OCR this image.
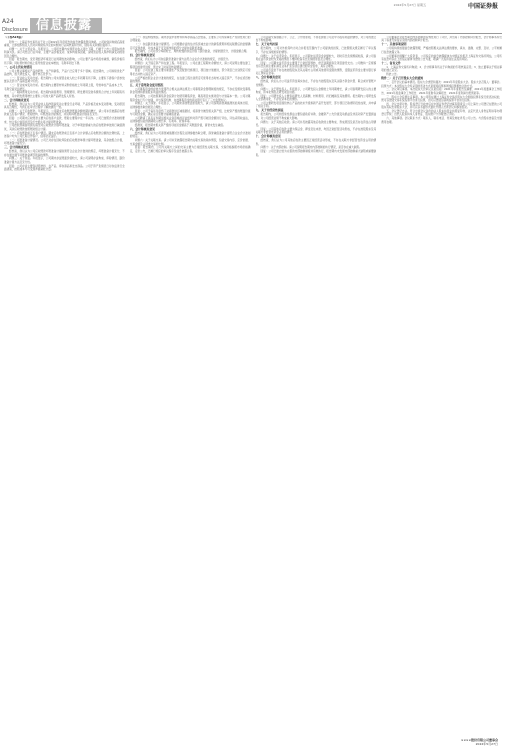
2022年5月27日 星期五	中国证券报
A24
Disclosure 信息披露
（下转A23版）
附件一：上海证券交易所关于对公司2021年年度报告的信息披露监管问询函。公司收到问询函后高度重视，立即组织相关人员对问询函所涉及的问题进行认真核查和分析，现将有关问题回复如下。
问题一：关于主营业务。年报显示，公司报告期内实现营业收入同比下降，归属于上市公司股东的净利润为负。请公司结合行业环境、主要产品价格变动、成本构成等因素，说明营业收入和净利润变动的原因及合理性。
回复：报告期内，受宏观经济环境及行业周期性波动影响，公司主要产品市场需求减弱，销售价格有所下降；同时原材料价格上涨导致营业成本增加，毛利率同比下滑。
一、公司主营业务情况
公司主要从事相关产品的研发、生产和销售，产品广泛应用于多个领域。报告期内，公司持续优化产品结构，加大研发投入，提升核心竞争力。
（一）营业收入变动分析。报告期内公司实现营业收入较上年同期有所下降，主要系下游客户需求放缓以及部分产品销量减少所致。
（二）营业成本变动分析。报告期内主要原材料采购价格较上年同期上涨，导致单位产品成本上升，毛利空间受到挤压。
（三）期间费用变动分析。报告期内销售费用、管理费用、研发费用及财务费用合计较上年同期有所增加，其中研发费用增长主要系公司加大新产品研发投入所致。
二、会计师核查意见
经核查，我们认为公司营业收入和净利润变动主要受行业环境、产品价格及成本变动影响，变动原因具有合理性，与我们在审计过程中了解的情况一致。
问题二：关于应收账款。年报显示，公司期末应收账款账面余额较期初增长，请公司补充披露应收账款前五名客户情况、账龄结构、坏账准备计提情况，并说明坏账准备计提是否充分。
回复：公司期末应收账款主要为应收客户货款，账龄主要集中在一年以内。公司已按照会计准则的要求，结合客户信用状况及历史损失率计提坏账准备。
公司按照预期信用损失模型对应收账款计提坏账准备，对于单项金额重大的应收账款单独进行减值测试，其余应收账款按照账龄组合计提。
（一）应收账款前五名客户情况。期末应收账款前五名客户合计余额占应收账款总额的比例较高，上述客户均为公司长期合作客户，信用状况良好。
（二）坏账准备计提情况。公司已对存在回收风险的应收账款单项计提坏账准备，其余按组合计提，坏账准备计提充分。
三、会计师核查意见
经核查，我们认为公司应收账款坏账准备计提政策符合企业会计准则的规定，坏账准备计提充分，不存在通过调节坏账准备调节利润的情形。
问题三：关于存货。年报显示，公司期末存货账面价值较大，请公司说明存货构成、库龄情况、跌价准备计提方法及充分性。
回复：公司存货主要包括原材料、在产品、库存商品和发出商品。公司于资产负债表日对存货进行全面清查，按照成本与可变现净值孰低计量。
（一）存货构成情况。期末存货中原材料和库存商品占比较高，主要系公司为保障生产连续性进行的合理备货。
（二）存货跌价准备计提情况。公司根据存货的估计售价减去估计的销售费用和相关税费后的金额确定可变现净值，对成本高于可变现净值的部分计提存货跌价准备。
报告期内，公司对部分库龄较长、周转较慢的存货计提了跌价准备，计提依据充分，计提金额合理。
四、会计师核查意见
经核查，我们认为公司存货跌价准备计提方法符合企业会计准则的规定，计提充分。
问题四：关于固定资产和在建工程。年报显示，公司在建工程期末余额较大，请公司说明主要在建工程项目的建设进度、预计完工时间及转固情况。
回复：公司在建工程主要为新建生产线及配套设施项目，项目按计划推进，部分项目已达到预定可使用状态并转入固定资产。
公司严格按照企业会计准则的规定，在在建工程达到预定可使用状态时转入固定资产，不存在延迟转固的情形。
五、关于募集资金使用情况
公司募集资金的存放与使用符合相关法律法规及公司募集资金管理制度的规定，不存在变相改变募集资金用途和损害股东利益的情况。
报告期内，公司按照募集资金投资计划使用募集资金，募投项目实施进度与计划基本一致。公司对募集资金实行专户存储，并与保荐机构、存放募集资金的商业银行签订了三方监管协议。
问题五：关于商誉。年报显示，公司期末商誉账面价值较大，请公司说明商誉减值测试的具体过程、关键参数选取依据及合理性。
回复：公司于每年年度终了对商誉进行减值测试，将商誉分摊至相关资产组，比较资产组的账面价值与可收回金额，确定是否需要计提减值准备。
公司聘请了具有证券期货相关业务资格的评估机构对资产组可收回金额进行评估，评估采用收益法，关键参数包括预测期收入增长率、毛利率、折现率等。
经测试，报告期末相关资产组的可收回金额高于其账面价值，商誉未发生减值。
六、会计师核查意见
经核查，我们认为公司商誉减值测试过程及关键参数选取合理，商誉减值准备计提符合企业会计准则的规定。
问题六：关于关联交易。请公司补充披露报告期内关联交易的具体情况，包括交易内容、定价依据、交易金额及占同类交易的比例。
回复：报告期内，公司与关联方之间的交易主要为日常经营性关联交易，交易价格参照市场价格确定，定价公允，已履行相应的审议程序及信息披露义务。
公司关联交易遵循公平、公正、公开的原则，不存在损害公司及中小股东利益的情形，对公司的独立性不构成影响。
七、关于对外担保
报告期内，公司对外担保均为对合并报表范围内子公司提供的担保，已按照相关规定履行了审议程序，不存在违规担保的情形。
问题七：关于货币资金。年报显示，公司期末货币资金余额较大，同时有息负债规模较高，请公司说明在货币资金较为充裕的情况下维持较高有息负债的原因及合理性。
回复：公司期末货币资金主要用于日常经营周转、偿还到期债务及项目建设支出。公司维持一定规模的有息负债主要系满足业务扩张及项目建设的资金需求，具有合理性。
公司货币资金不存在被控股股东及其关联方占用或其他使用受限的情形，受限货币资金主要为银行承兑汇票保证金等。
八、会计师核查意见
经核查，我们认为公司货币资金真实存在，不存在与控股股东及其关联方资金共管、联合或共管账户的情形。
问题八：关于研发投入。年报显示，公司研发投入金额较上年同期增长，请公司说明研发投入的主要构成、资本化情况及研发项目进展。
回复：公司研发投入主要包括研发人员薪酬、材料费用、折旧摊销及其他费用。报告期内公司研发投入全部费用化，不存在资本化的情形。
公司主要研发项目围绕核心产品的技术升级和新产品开发展开，部分项目已取得阶段性成果，并申请了相关专利。
九、关于非经常性损益
报告期内，公司非经常性损益主要包括政府补助、金融资产公允价值变动损益及非流动资产处置损益等，对公司经营业绩不构成重大影响。
问题九：关于其他应收款。请公司补充披露其他应收款的主要构成、形成原因及是否存在资金占用情况。
回复：公司其他应收款主要为保证金、押金及往来款，均因正常经营活动形成，不存在控股股东及其关联方非经营性资金占用的情形。
十、会计师核查意见
经核查，我们认为公司其他应收款主要因正常经营活动形成，不存在关联方非经营性资金占用的情形。
问题十：关于内部控制。请公司说明报告期内内部控制的执行情况，是否存在重大缺陷。
回复：公司已建立较为完善的内部控制制度并有效执行，报告期内未发现内部控制重大缺陷或重要缺陷。
公司董事会对报告期内内部控制的有效性进行了评价，并出具了内部控制评价报告，会计师事务所出具了标准无保留意见的内部控制审计报告。
十一、其他事项说明
公司将持续加强信息披露管理，严格按照相关法律法规的要求，真实、准确、完整、及时、公平地履行信息披露义务。
公司董事会提醒广大投资者，公司指定的信息披露媒体为中国证券报及上海证券交易所网站，公司所有信息均以在上述指定媒体刊登的公告为准，敬请广大投资者注意投资风险。
十二、备查文件
1、上海证券交易所问询函；2、会计师事务所关于问询函的专项核查意见；3、独立董事关于相关事项的独立意见。
特此公告。
附件二：关于召开股东大会的通知
一、召开会议的基本情况。股东大会类型和届次：2021年年度股东大会。股东大会召集人：董事会。投票方式：本次股东大会所采用的表决方式是现场投票和网络投票相结合的方式。
二、会议审议事项。本次股东大会审议议案包括：2021年年度报告及摘要、2021年度董事会工作报告、2021年度监事会工作报告、2021年度财务决算报告、2021年度利润分配预案等。
三、股东大会投票注意事项。本公司股东通过上海证券交易所股东大会网络投票系统行使表决权的，既可以登陆交易系统投票平台进行投票，也可以登陆互联网投票平台进行投票。
四、会议出席对象。股权登记日收市后在中国证券登记结算有限责任公司上海分公司登记在册的公司股东有权出席股东大会，并可以以书面形式委托代理人出席会议和参加表决。
五、会议登记方法。符合出席会议条件的法人股东持营业执照复印件、法定代表人身份证明书等办理登记手续；自然人股东持本人身份证、股东账户卡办理登记手续。
六、其他事项。会议联系方式：联系人、联系电话、传真及地址详见公司公告。与会股东食宿及交通费用自理。
××××股份有限公司董事会
2022年5月27日
